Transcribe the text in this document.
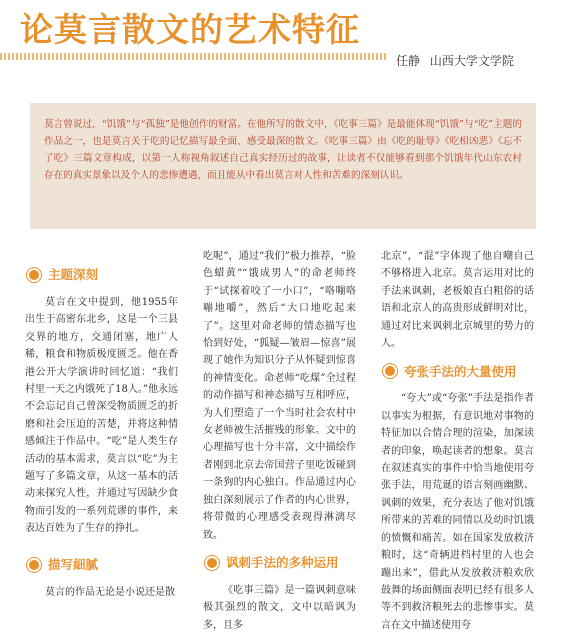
论莫言散文的艺术特征
任静 山西大学文学院
莫言曾说过，“饥饿”与“孤独”是他创作的财富。在他所写的散文中，《吃事三篇》是最能体现“饥饿”与“吃”主题的作品之一，也是莫言关于吃的记忆描写最全面、感受最深的散文。《吃事三篇》由《吃的耻辱》《吃相凶恶》《忘不了吃》三篇文章构成，以第一人称视角叙述自己真实经历过的故事，让读者不仅能够看到那个饥饿年代山东农村存在的真实景象以及个人的悲惨遭遇，而且能从中看出莫言对人性和苦难的深刻认识。
主题深刻

莫言在文中提到，他1955年出生于高密东北乡，这是一个三县交界的地方，交通闭塞，地广人稀，粮食和物质极度匮乏。他在香港公开大学演讲时回忆道：“我们村里一天之内饿死了18人。”他永远不会忘记自己曾深受物质匮乏的折磨和社会压迫的苦楚，并将这种情感倾注于作品中。“吃”是人类生存活动的基本需求，莫言以“吃”为主题写了多篇文章，从这一基本的活动来探究人性，并通过写因缺少食物而引发的一系列荒谬的事件，来表达百姓为了生存的挣扎。

描写細腻

莫言的作品无论是小说还是散

吃呢”，通过“我们”极力推荐，“脸色蜡黄”“饿成男人”的命老师终于“试探着咬了一小口”，“咯嘣咯嘣地嚼”，然后“大口地吃起来了”。这里对命老师的情态描写也恰到好处，“狐疑—皱眉—惊喜”展现了她作为知识分子从怀疑到惊喜的神情变化。命老师“吃煤”全过程的动作描写和神态描写互相呼应，为人们塑造了一个当时社会农村中女老师被生活摧残的形象。文中的心理描写也十分丰富，文中描绘作者刚到北京去帝国营子里吃饭碰到一条狗的内心独白。作品通过内心独白深刻展示了作者的内心世界，将带微的心理感受表现得淋漓尽致。

讽刺手法的多种运用

《吃事三篇》是一篇讽刺意味极其强烈的散文，文中以暗讽为多，且多

北京”，“混”字体现了他自嘲自己不够格进入北京。莫言运用对比的手法来讽刺，老板娘直白粗俗的话语和北京人的高贵形成鲜明对比，通过对比来讽刺北京城里的势力的人。

夸张手法的大量使用

“夸大”或“夸张”手法是指作者以事实为根据，有意识地对事物的特征加以合情合理的渲染，加深读者的印象，唤起读者的想象。莫言在叙述真实的事件中恰当地使用夸张手法，用荒诞的语言刻画幽默、讽刺的效果，充分表达了他对饥饿所带来的苦难的同情以及幼时饥饿的愤慨和痛苦。如在国家发放救济粮时，这“奇辆进档村里的人也会蹦出来”，借此从发放救济粮欢欣鼓舞的场面侧面表明已经有很多人等不到救济粮死去的悲惨事实。莫言在文中描述使用夸
